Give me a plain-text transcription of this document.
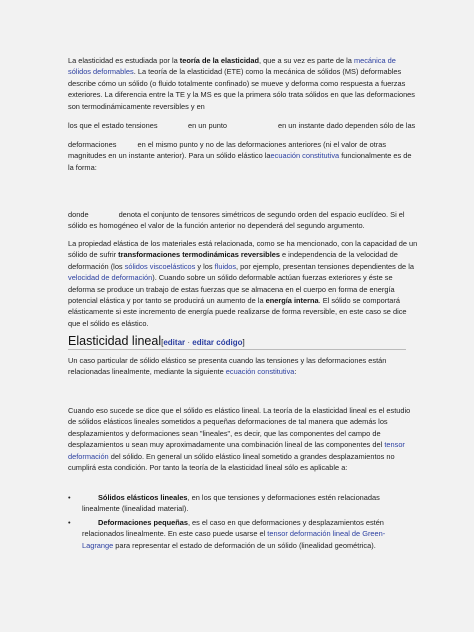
La elasticidad es estudiada por la teoría de la elasticidad, que a su vez es parte de la mecánica de sólidos deformables. La teoría de la elasticidad (ETE) como la mecánica de sólidos (MS) deformables describe cómo un sólido (o fluido totalmente confinado) se mueve y deforma como respuesta a fuerzas exteriores. La diferencia entre la TE y la MS es que la primera sólo trata sólidos en que las deformaciones son termodinámicamente reversibles y en

los que el estado tensiones	en un punto	en un instante dado dependen sólo de las

deformaciones	en el mismo punto y no de las deformaciones anteriores (ni el valor de otras magnitudes en un instante anterior). Para un sólido elástico laecuación constitutiva funcionalmente es de la forma:

donde	denota el conjunto de tensores simétricos de segundo orden del espacio euclídeo. Si el sólido es homogéneo el valor de la función anterior no dependerá del segundo argumento.

La propiedad elástica de los materiales está relacionada, como se ha mencionado, con la capacidad de un sólido de sufrir transformaciones termodinámicas reversibles e independencia de la velocidad de deformación (los sólidos viscoelásticos y los fluidos, por ejemplo, presentan tensiones dependientes de la velocidad de deformación). Cuando sobre un sólido deformable actúan fuerzas exteriores y éste se deforma se produce un trabajo de estas fuerzas que se almacena en el cuerpo en forma de energía potencial elástica y por tanto se producirá un aumento de la energía interna. El sólido se comportará elásticamente si este incremento de energía puede realizarse de forma reversible, en este caso se dice que el sólido es elástico.

Elasticidad lineal[editar · editar código]

Un caso particular de sólido elástico se presenta cuando las tensiones y las deformaciones están relacionadas linealmente, mediante la siguiente ecuación constitutiva:

Cuando eso sucede se dice que el sólido es elástico lineal. La teoría de la elasticidad lineal es el estudio de sólidos elásticos lineales sometidos a pequeñas deformaciones de tal manera que además los desplazamientos y deformaciones sean "lineales", es decir, que las componentes del campo de desplazamientos u sean muy aproximadamente una combinación lineal de las componentes del tensor deformación del sólido. En general un sólido elástico lineal sometido a grandes desplazamientos no cumplirá esta condición. Por tanto la teoría de la elasticidad lineal sólo es aplicable a:

•	Sólidos elásticos lineales, en los que tensiones y deformaciones estén relacionadas linealmente (linealidad material).
•	Deformaciones pequeñas, es el caso en que deformaciones y desplazamientos estén relacionados linealmente. En este caso puede usarse el tensor deformación lineal de Green-Lagrange para representar el estado de deformación de un sólido (linealidad geométrica).
